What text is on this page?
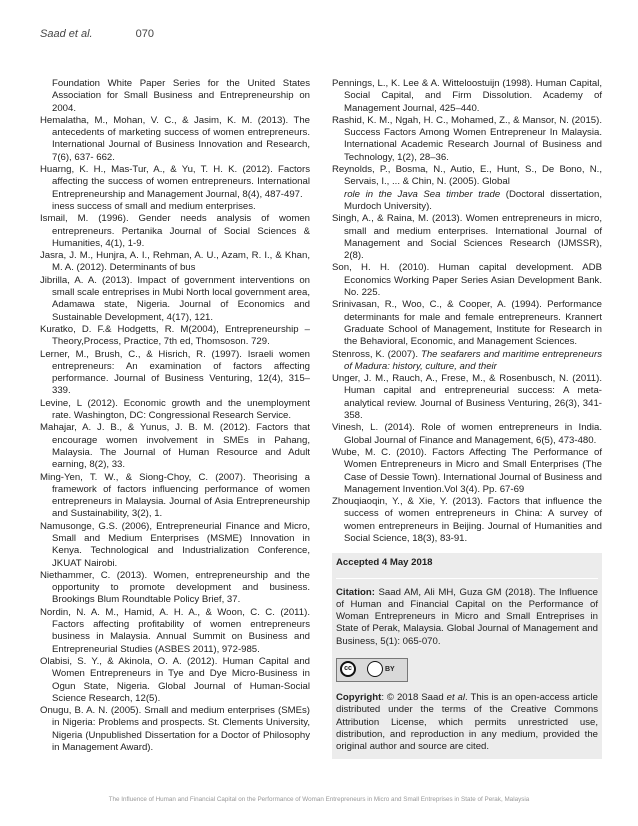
Saad et al.	070

Foundation White Paper Series for the United States Association for Small Business and Entrepreneurship on 2004.

Hemalatha, M., Mohan, V. C., & Jasim, K. M. (2013). The antecedents of marketing success of women entrepreneurs. International Journal of Business Innovation and Research, 7(6), 637- 662.

Huarng, K. H., Mas-Tur, A., & Yu, T. H. K. (2012). Factors affecting the success of women entrepreneurs. International Entrepreneurship and Management Journal, 8(4), 487-497.

iness success of small and medium enterprises.

Ismail, M. (1996). Gender needs analysis of women entrepreneurs. Pertanika Journal of Social Sciences & Humanities, 4(1), 1-9.

Jasra, J. M., Hunjra, A. I., Rehman, A. U., Azam, R. I., & Khan, M. A. (2012). Determinants of bus

Jibrilla, A. A. (2013). Impact of government interventions on small scale entreprises in Mubi North local government area, Adamawa state, Nigeria. Journal of Economics and Sustainable Development, 4(17), 121.

Kuratko, D. F.& Hodgetts, R. M(2004), Entrepreneurship – Theory,Process, Practice, 7th ed, Thomsoson. 729.

Lerner, M., Brush, C., & Hisrich, R. (1997). Israeli women entrepreneurs: An examination of factors affecting performance. Journal of Business Venturing, 12(4), 315–339.

Levine, L (2012). Economic growth and the unemployment rate. Washington, DC: Congressional Research Service.

Mahajar, A. J. B., & Yunus, J. B. M. (2012). Factors that encourage women involvement in SMEs in Pahang, Malaysia. The Journal of Human Resource and Adult earning, 8(2), 33.

Ming-Yen, T. W., & Siong-Choy, C. (2007). Theorising a framework of factors influencing performance of women entrepreneurs in Malaysia. Journal of Asia Entrepreneurship and Sustainability, 3(2), 1.

Namusonge, G.S. (2006), Entrepreneurial Finance and Micro, Small and Medium Enterprises (MSME) Innovation in Kenya. Technological and Industrialization Conference, JKUAT Nairobi.

Niethammer, C. (2013). Women, entrepreneurship and the opportunity to promote development and business. Brookings Blum Roundtable Policy Brief, 37.

Nordin, N. A. M., Hamid, A. H. A., & Woon, C. C. (2011). Factors affecting profitability of women entrepreneurs business in Malaysia. Annual Summit on Business and Entrepreneurial Studies (ASBES 2011), 972-985.

Olabisi, S. Y., & Akinola, O. A. (2012). Human Capital and Women Entrepreneurs in Tye and Dye Micro-Business in Ogun State, Nigeria. Global Journal of Human-Social Science Research, 12(5).

Onugu, B. A. N. (2005). Small and medium enterprises (SMEs) in Nigeria: Problems and prospects. St. Clements University, Nigeria (Unpublished Dissertation for a Doctor of Philosophy in Management Award).

Pennings, L., K. Lee & A. Witteloostuijn (1998). Human Capital, Social Capital, and Firm Dissolution. Academy of Management Journal, 425–440.

Rashid, K. M., Ngah, H. C., Mohamed, Z., & Mansor, N. (2015). Success Factors Among Women Entrepreneur In Malaysia. International Academic Research Journal of Business and Technology, 1(2), 28–36.

Reynolds, P., Bosma, N., Autio, E., Hunt, S., De Bono, N., Servais, I., ... & Chin, N. (2005). Global

role in the Java Sea timber trade (Doctoral dissertation, Murdoch University).

Singh, A., & Raina, M. (2013). Women entrepreneurs in micro, small and medium enterprises. International Journal of Management and Social Sciences Research (IJMSSR), 2(8).

Son, H. H. (2010). Human capital development. ADB Economics Working Paper Series Asian Development Bank. No. 225.

Srinivasan, R., Woo, C., & Cooper, A. (1994). Performance determinants for male and female entrepreneurs. Krannert Graduate School of Management, Institute for Research in the Behavioral, Economic, and Management Sciences.

Stenross, K. (2007). The seafarers and maritime entrepreneurs of Madura: history, culture, and their

Unger, J. M., Rauch, A., Frese, M., & Rosenbusch, N. (2011). Human capital and entrepreneurial success: A meta-analytical review. Journal of Business Venturing, 26(3), 341-358.

Vinesh, L. (2014). Role of women entrepreneurs in India. Global Journal of Finance and Management, 6(5), 473-480.

Wube, M. C. (2010). Factors Affecting The Performance of Women Entrepreneurs in Micro and Small Enterprises (The Case of Dessie Town). International Journal of Business and Management Invention.Vol 3(4). Pp. 67-69

Zhouqiaoqin, Y., & Xie, Y. (2013). Factors that influence the success of women entrepreneurs in China: A survey of women entrepreneurs in Beijing. Journal of Humanities and Social Science, 18(3), 83-91.

Accepted 4 May 2018

Citation: Saad AM, Ali MH, Guza GM (2018). The Influence of Human and Financial Capital on the Performance of Woman Entrepreneurs in Micro and Small Entreprises in State of Perak, Malaysia. Global Journal of Management and Business, 5(1): 065-070.

cc	BY

Copyright: © 2018 Saad et al. This is an open-access article distributed under the terms of the Creative Commons Attribution License, which permits unrestricted use, distribution, and reproduction in any medium, provided the original author and source are cited.

The Influence of Human and Financial Capital on the Performance of Woman Entrepreneurs in Micro and Small Entreprises in State of Perak, Malaysia
